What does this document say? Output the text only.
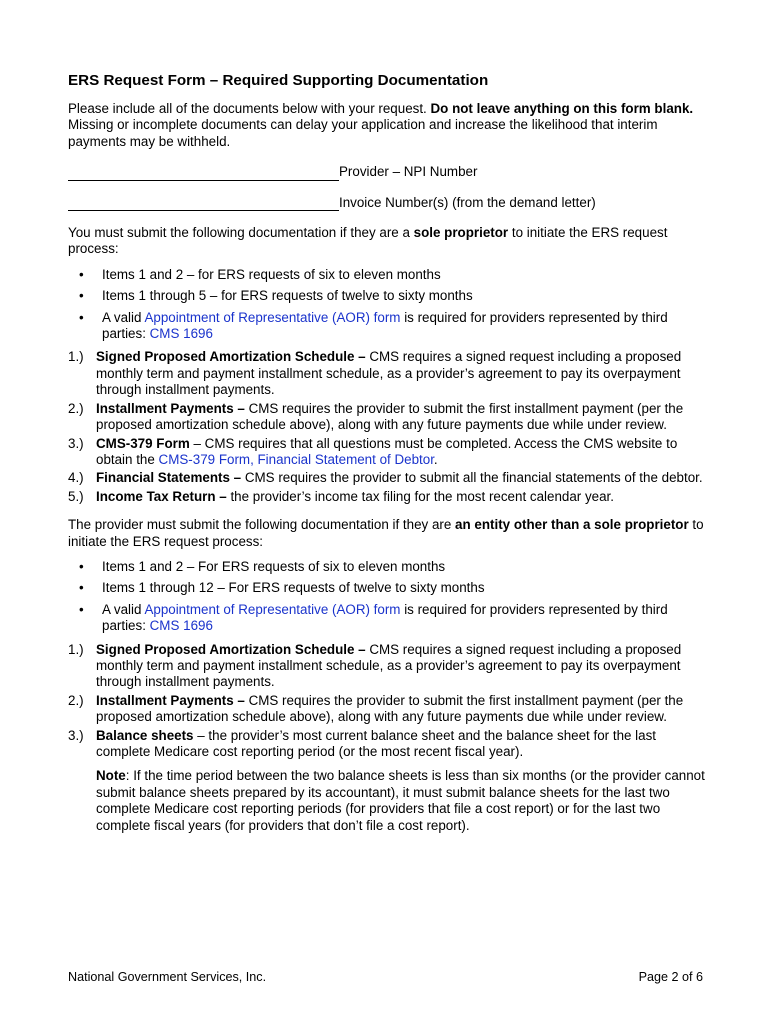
ERS Request Form – Required Supporting Documentation

Please include all of the documents below with your request. Do not leave anything on this form blank. Missing or incomplete documents can delay your application and increase the likelihood that interim payments may be withheld.

Provider – NPI Number
Invoice Number(s) (from the demand letter)

You must submit the following documentation if they are a sole proprietor to initiate the ERS request process:

• Items 1 and 2 – for ERS requests of six to eleven months
• Items 1 through 5 – for ERS requests of twelve to sixty months
• A valid Appointment of Representative (AOR) form is required for providers represented by third parties: CMS 1696
1.) Signed Proposed Amortization Schedule – CMS requires a signed request including a proposed monthly term and payment installment schedule, as a provider’s agreement to pay its overpayment through installment payments.
2.) Installment Payments – CMS requires the provider to submit the first installment payment (per the proposed amortization schedule above), along with any future payments due while under review.
3.) CMS-379 Form – CMS requires that all questions must be completed. Access the CMS website to obtain the CMS-379 Form, Financial Statement of Debtor.
4.) Financial Statements – CMS requires the provider to submit all the financial statements of the debtor.
5.) Income Tax Return – the provider’s income tax filing for the most recent calendar year.

The provider must submit the following documentation if they are an entity other than a sole proprietor to initiate the ERS request process:

• Items 1 and 2 – For ERS requests of six to eleven months
• Items 1 through 12 – For ERS requests of twelve to sixty months
• A valid Appointment of Representative (AOR) form is required for providers represented by third parties: CMS 1696
1.) Signed Proposed Amortization Schedule – CMS requires a signed request including a proposed monthly term and payment installment schedule, as a provider’s agreement to pay its overpayment through installment payments.
2.) Installment Payments – CMS requires the provider to submit the first installment payment (per the proposed amortization schedule above), along with any future payments due while under review.
3.) Balance sheets – the provider’s most current balance sheet and the balance sheet for the last complete Medicare cost reporting period (or the most recent fiscal year).

Note: If the time period between the two balance sheets is less than six months (or the provider cannot submit balance sheets prepared by its accountant), it must submit balance sheets for the last two complete Medicare cost reporting periods (for providers that file a cost report) or for the last two complete fiscal years (for providers that don’t file a cost report).

National Government Services, Inc.	Page 2 of 6
